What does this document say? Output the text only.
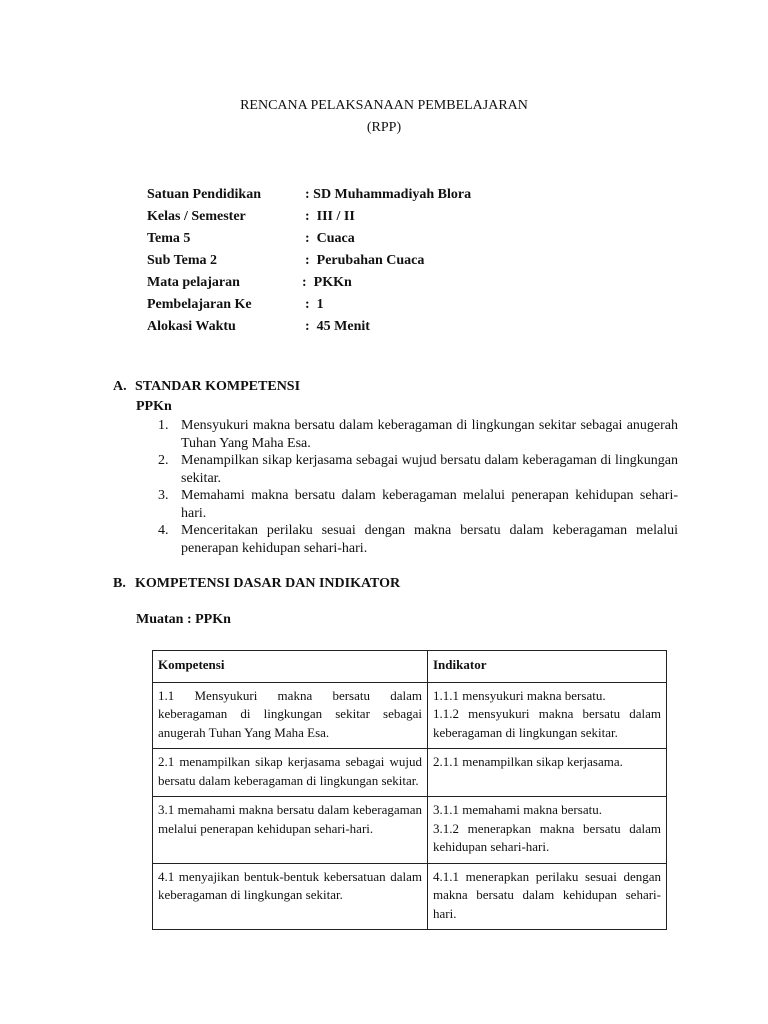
RENCANA PELAKSANAAN PEMBELAJARAN
(RPP)
Satuan Pendidikan	: SD Muhammadiyah Blora
Kelas / Semester	:  III / II
Tema 5	:  Cuaca
Sub Tema 2	:  Perubahan Cuaca
Mata pelajaran	:  PKKn
Pembelajaran Ke	:  1
Alokasi Waktu	:  45 Menit
A. STANDAR KOMPETENSI
PPKn
1. Mensyukuri makna bersatu dalam keberagaman di lingkungan sekitar sebagai anugerah Tuhan Yang Maha Esa.
2. Menampilkan sikap kerjasama sebagai wujud bersatu dalam keberagaman di lingkungan sekitar.
3. Memahami makna bersatu dalam keberagaman melalui penerapan kehidupan sehari-hari.
4. Menceritakan perilaku sesuai dengan makna bersatu dalam keberagaman melalui penerapan kehidupan sehari-hari.
B. KOMPETENSI DASAR DAN INDIKATOR
Muatan : PPKn
Kompetensi	Indikator
1.1 Mensyukuri makna bersatu dalam keberagaman di lingkungan sekitar sebagai anugerah Tuhan Yang Maha Esa.	1.1.1 mensyukuri makna bersatu.
1.1.2 mensyukuri makna bersatu dalam keberagaman di lingkungan sekitar.

2.1 menampilkan sikap kerjasama sebagai wujud bersatu dalam keberagaman di lingkungan sekitar.	2.1.1 menampilkan sikap kerjasama.

3.1 memahami makna bersatu dalam keberagaman melalui penerapan kehidupan sehari-hari.	3.1.1 memahami makna bersatu.
3.1.2 menerapkan makna bersatu dalam kehidupan sehari-hari.

4.1 menyajikan bentuk-bentuk kebersatuan dalam keberagaman di lingkungan sekitar.	4.1.1 menerapkan perilaku sesuai dengan makna bersatu dalam kehidupan sehari-hari.
